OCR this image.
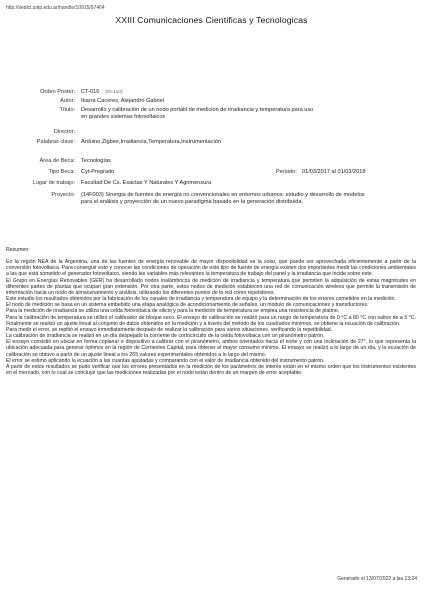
http://sedici.unlp.edu.ar/handle/10915/97464
XXIII Comunicaciones Cientificas y Tecnologicas
Orden Poster: CT-016 (ID-110)
Autor: Ibarra Caceres, Alejandro Gabriel
Título: Desarrollo y calibración de un nodo portátil de medición de irradiancia y temperatura para uso
en grandes sistemas fotovoltaicos
Director:
Palabras clave: Arduino,Zigbee,Irradiancia,Temperatura,Instrumentación
Área de Beca: Tecnologías
Tipo Beca: Cyt-Pregrado	Periodo: 01/03/2017 al 01/03/2018
Lugar de trabajo: Facultad De Cs. Exactas Y Naturales Y Agrimensura
Proyecto: (14F003) Sinergia de fuentes de energía no convencionales en entornos urbanos: estudio y desarrollo de modelos
para el análisis y proyección de un nuevo paradigma basado en la generación distribuida.

Resumen:

En la región NEA de la Argentina, una de las fuentes de energía renovable de mayor disponibilidad es la solar, que puede ser aprovechada eficientemente a partir de la conversión fotovoltaica. Para conseguir esto y conocer las condiciones de operación de este tipo de fuente de energía existen dos importantes medir las condiciones ambientales a las que está sometido el generador fotovoltaico, siendo las variables más relevantes la temperatura de trabajo del panel y la irradiancia que incide sobre este.

El Grupo en Energías Renovables (GER) ha desarrollado nodos inalámbricos de medición de irradiancia y temperatura que permiten la adquisición de estas magnitudes en diferentes partes de plantas que ocupan gran extensión. Por otra parte, estos nodos de medición establecen una red de comunicación wireless que permite la transmisión de información hacia un nodo de almacenamiento y análisis, utilizando los diferentes puntos de la red como repetidores.

Este estudio los resultados obtenidos por la fabricación de los canales de irradiancia y temperatura de equipo y la determinación de los errores cometidos en la medición.

El nodo de medición se basa en un sistema embebido una etapa analógica de acondicionamiento de señales, un módulo de comunicaciones y transductores.

Para la medición de irradiancia se utiliza una celda fotovoltaica de silicio y para la medición de temperatura se emplea una resistencia de platino.

Para la calibración de temperatura se utilizó el calibrador de bloque seco. El ensayo de calibración se realizó para un rango de temperatura de 0 °C a 80 °C con saltos de a 5 °C. Finalmente se realizó un ajuste lineal al conjunto de datos obtenidos en la medición y a través del método de los cuadrados mínimos, se obtiene la ecuación de calibración.

Para medir el error, se repitió el ensayo inmediatamente después de realizar la calibración para varios situaciones, verificando la repetibilidad.

La calibración de irradiancia se realizó en un día despejado la corriente de cortocircuito de la celda fotovoltaica con un piranómetro patrón.

El ensayo consistió en ubicar en forma coplanar e dispositivo a calibrar con el piranómetro, ambos orientados hacia el norte y con una inclinación de 27°, lo que representa la ubicación adecuada para generar óptimos en la región de Corrientes Capital, para obtener el mayor consumo mínimo. El ensayo se realizó a lo largo de un día, y la ecuación de calibración se obtuvo a partir de un ajuste lineal a los 265 valores experimentales obtenidos a lo largo del mismo.

El error se estimó aplicando la ecuación a las cuantas ajustadas y comparando con el valor de irradiancia obtenido del instrumento patrón.

A partir de estos resultados se pudo verificar que los errores presentados en la medición de los parámetros de interés están en el mismo orden que los instrumentos existentes en el mercado, con lo cual se concluye que las mediciones realizadas por el nodo están dentro de un margen de error aceptable.

Generado el 13/07/2022 a las 13:24
